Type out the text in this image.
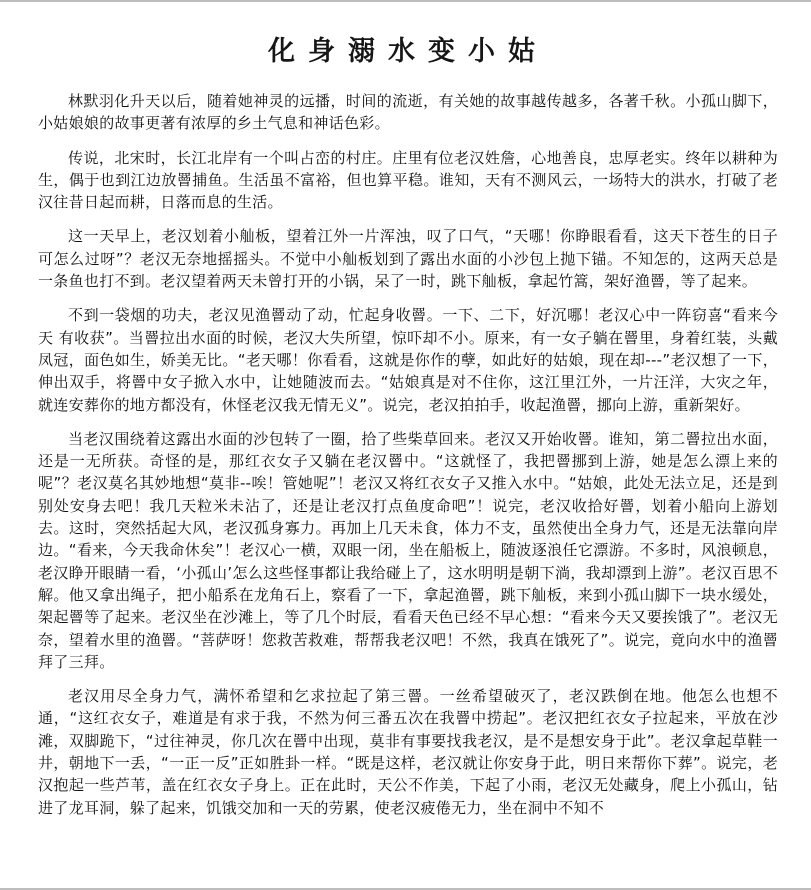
化身溺水变小姑

林默羽化升天以后，随着她神灵的远播，时间的流逝，有关她的故事越传越多，各著千秋。小孤山脚下，小姑娘娘的故事更著有浓厚的乡土气息和神话色彩。

传说，北宋时，长江北岸有一个叫占峦的村庄。庄里有位老汉姓詹，心地善良，忠厚老实。终年以耕种为生，偶于也到江边放罾捕鱼。生活虽不富裕，但也算平稳。谁知，天有不测风云，一场特大的洪水，打破了老汉往昔日起而耕，日落而息的生活。

这一天早上，老汉划着小舢板，望着江外一片浑浊，叹了口气，“天哪！你睁眼看看，这天下苍生的日子可怎么过呀”？老汉无奈地摇摇头。不觉中小舢板划到了露出水面的小沙包上抛下锚。不知怎的，这两天总是一条鱼也打不到。老汉望着两天未曾打开的小锅，呆了一时，跳下舢板，拿起竹篙，架好渔罾，等了起来。

不到一袋烟的功夫，老汉见渔罾动了动，忙起身收罾。一下、二下，好沉哪！老汉心中一阵窃喜“看来今天 有收获”。当罾拉出水面的时候，老汉大失所望，惊吓却不小。原来，有一女子躺在罾里，身着红装，头戴凤冠，面色如生，娇美无比。“老天哪！你看看，这就是你作的孽，如此好的姑娘，现在却---”老汉想了一下，伸出双手，将罾中女子掀入水中，让她随波而去。“姑娘真是对不住你，这江里江外，一片汪洋，大灾之年，就连安葬你的地方都没有，休怪老汉我无情无义”。说完，老汉拍拍手，收起渔罾，挪向上游，重新架好。

当老汉围绕着这露出水面的沙包转了一圈，拾了些柴草回来。老汉又开始收罾。谁知，第二罾拉出水面，还是一无所获。奇怪的是，那红衣女子又躺在老汉罾中。“这就怪了，我把罾挪到上游，她是怎么漂上来的呢”？老汉莫名其妙地想“莫非--唉！管她呢”！老汉又将红衣女子又推入水中。“姑娘，此处无法立足，还是到别处安身去吧！我几天粒米未沾了，还是让老汉打点鱼度命吧”！说完，老汉收拾好罾，划着小船向上游划去。这时，突然括起大风，老汉孤身寡力。再加上几天未食，体力不支，虽然使出全身力气，还是无法靠向岸边。“看来，今天我命休矣”！老汉心一横，双眼一闭，坐在船板上，随波逐浪任它漂游。不多时，风浪顿息，老汉睁开眼睛一看，‘小孤山’怎么这些怪事都让我给碰上了，这水明明是朝下淌，我却漂到上游”。老汉百思不解。他又拿出绳子，把小船系在龙角石上，察看了一下，拿起渔罾，跳下舢板，来到小孤山脚下一块水缓处，架起罾等了起来。老汉坐在沙滩上，等了几个时辰，看看天色已经不早心想：“看来今天又要挨饿了”。老汉无奈，望着水里的渔罾。“菩萨呀！您救苦救难，帮帮我老汉吧！不然，我真在饿死了”。说完，竟向水中的渔罾拜了三拜。

老汉用尽全身力气，满怀希望和乞求拉起了第三罾。一丝希望破灭了，老汉跌倒在地。他怎么也想不通，“这红衣女子，难道是有求于我，不然为何三番五次在我罾中捞起”。老汉把红衣女子拉起来，平放在沙滩，双脚跪下，“过往神灵，你几次在罾中出现，莫非有事要找我老汉，是不是想安身于此”。老汉拿起草鞋一井，朝地下一丢，“一正一反”正如胜卦一样。“既是这样，老汉就让你安身于此，明日来帮你下葬”。说完，老汉抱起一些芦苇，盖在红衣女子身上。正在此时，天公不作美，下起了小雨，老汉无处藏身，爬上小孤山，钻进了龙耳洞，躲了起来，饥饿交加和一天的劳累，使老汉疲倦无力，坐在洞中不知不
